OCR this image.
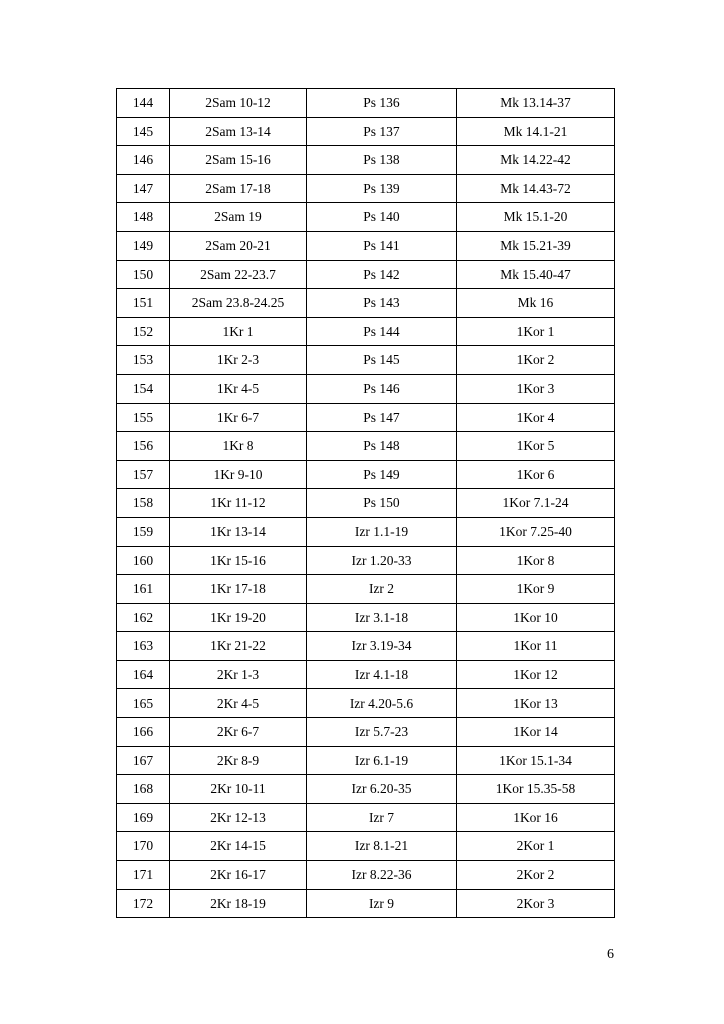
144	2Sam 10-12	Ps 136	Mk 13.14-37
145	2Sam 13-14	Ps 137	Mk 14.1-21
146	2Sam 15-16	Ps 138	Mk 14.22-42
147	2Sam 17-18	Ps 139	Mk 14.43-72
148	2Sam 19	Ps 140	Mk 15.1-20
149	2Sam 20-21	Ps 141	Mk 15.21-39
150	2Sam 22-23.7	Ps 142	Mk 15.40-47
151	2Sam 23.8-24.25	Ps 143	Mk 16
152	1Kr 1	Ps 144	1Kor 1
153	1Kr 2-3	Ps 145	1Kor 2
154	1Kr 4-5	Ps 146	1Kor 3
155	1Kr 6-7	Ps 147	1Kor 4
156	1Kr 8	Ps 148	1Kor 5
157	1Kr 9-10	Ps 149	1Kor 6
158	1Kr 11-12	Ps 150	1Kor 7.1-24
159	1Kr 13-14	Izr 1.1-19	1Kor 7.25-40
160	1Kr 15-16	Izr 1.20-33	1Kor 8
161	1Kr 17-18	Izr 2	1Kor 9
162	1Kr 19-20	Izr 3.1-18	1Kor 10
163	1Kr 21-22	Izr 3.19-34	1Kor 11
164	2Kr 1-3	Izr 4.1-18	1Kor 12
165	2Kr 4-5	Izr 4.20-5.6	1Kor 13
166	2Kr 6-7	Izr 5.7-23	1Kor 14
167	2Kr 8-9	Izr 6.1-19	1Kor 15.1-34
168	2Kr 10-11	Izr 6.20-35	1Kor 15.35-58
169	2Kr 12-13	Izr 7	1Kor 16
170	2Kr 14-15	Izr 8.1-21	2Kor 1
171	2Kr 16-17	Izr 8.22-36	2Kor 2
172	2Kr 18-19	Izr 9	2Kor 3
6
